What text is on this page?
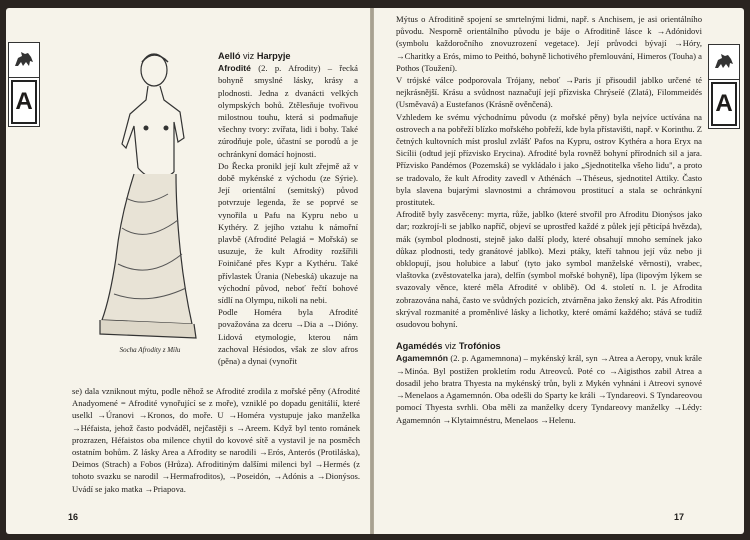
A
Socha Afrodity z Mílu

Aelló viz Harpyje

Afrodité (2. p. Afrodity) – řecká bohyně smyslné lásky, krásy a plodnosti. Jedna z dvanácti velkých olympských bohů. Ztělesňuje tvořivou milostnou touhu, která si podmaňuje všechny tvory: zvířata, lidi i bohy. Také zúrodňuje pole, účastní se porodů a je ochránkyní domácí hojnosti.

Do Řecka pronikl její kult zřejmě až v době mykénské z východu (ze Sýrie). Její orientální (semitský) původ potvrzuje legenda, že se poprvé se vynořila u Pafu na Kypru nebo u Kythéry. Z jejího vztahu k námořní plavbě (Afrodité Pelagiá = Mořská) se usuzuje, že kult Afrodity rozšířili Foiničané přes Kypr a Kythéru. Také přívlastek Úrania (Nebeská) ukazuje na východní původ, neboť řečtí bohové sídlí na Olympu, nikoli na nebi.

Podle Homéra byla Afrodité považována za dceru →Dia a →Dióny. Lidová etymologie, kterou nám zachoval Hésiodos, však ze slov afros (pěna) a dynai (vynořit

se) dala vzniknout mýtu, podle něhož se Afrodité zrodila z mořské pěny (Afrodité Anadyomené = Afrodité vynořující se z moře), vzniklé po dopadu genitálií, které uselkl →Úranovi →Kronos, do moře. U →Homéra vystupuje jako manželka →Héfaista, jehož často podváděl, nejčastěji s →Areem. Když byl tento románek prozrazen, Héfaistos oba milence chytil do kovové sítě a vystavil je na posměch ostatním bohům. Z lásky Area a Afrodity se narodili →Erós, Anterós (Protiláska), Deimos (Strach) a Fobos (Hrůza). Afroditiným dalšími milenci byl →Hermés (z tohoto svazku se narodil →Hermafroditos), →Poseidón, →Adónis a →Dionýsos. Uvádí se jako matka →Priapova.

16

Mýtus o Afroditině spojení se smrtelnými lidmi, např. s Anchisem, je asi orientálního původu. Nesporně orientálního původu je báje o Afroditině lásce k →Adónidovi (symbolu každoročního znovuzrození vegetace). Její průvodci bývají →Hóry, →Charitky a Erós, mimo to Peithó, bohyně lichotivého přemlouvání, Himeros (Touha) a Pothos (Toužení).

V trójské válce podporovala Trójany, neboť →Paris jí přisoudil jablko určené té nejkrásnější. Krásu a svůdnost naznačují její přízviska Chrýseíé (Zlatá), Filommeidés (Usměvavá) a Eustefanos (Krásně ověnčená).

Vzhledem ke svému východnímu původu (z mořské pěny) byla nejvíce uctívána na ostrovech a na pobřeží blízko mořského pobřeží, kde byla přístavišti, např. v Korinthu. Z četných kultovních míst proslul zvlášť Pafos na Kypru, ostrov Kythéra a hora Eryx na Sicílii (odtud její přízvisko Erycina). Afrodité byla rovněž bohyní přírodních sil a jara. Přízvisko Pandémos (Pozemská) se vykládalo i jako „Sjednotitelka všeho lidu", a proto se tradovalo, že kult Afrodity zavedl v Athénách →Théseus, sjednotitel Attiky. Často byla slavena bujarými slavnostmi a chrámovou prostitucí a stala se ochránkyní prostitutek.

Afroditě byly zasvěceny: myrta, růže, jablko (které stvořil pro Afroditu Dionýsos jako dar; rozkrojí-li se jablko napříč, objeví se uprostřed každé z půlek její pěticípá hvězda), mák (symbol plodnosti, stejně jako další plody, které obsahují mnoho semínek jako důkaz plodnosti, tedy granátové jablko). Mezi ptáky, kteří tahnou její vůz nebo ji obklopují, jsou holubice a labuť (tyto jako symbol manželské věrnosti), vrabec, vlaštovka (zvěstovatelka jara), delfín (symbol mořské bohyně), lípa (lipovým lýkem se svazovaly věnce, které měla Afrodité v oblibě). Od 4. století n. l. je Afrodita zobrazována nahá, často ve svůdných pozicích, ztvárněna jako ženský akt. Pás Afroditin skrýval rozmanité a proměnlivé lásky a lichotky, které omámí každého; stává se tudíž osudovou bohyní.

Agamédés viz Trofónios

Agamemnón (2. p. Agamemnona) – mykénský král, syn →Atrea a Aeropy, vnuk krále →Minóa. Byl postižen prokletím rodu Atreovců. Poté co →Aigisthos zabil Atrea a dosadil jeho bratra Thyesta na mykénský trůn, byli z Mykén vyhnáni i Atreovi synové →Menelaos a Agamemnón. Oba odešli do Sparty ke králi →Tyndareovi. S Tyndareovou pomocí Thyesta svrhli. Oba měli za manželky dcery Tyndareovy manželky →Lédy: Agamemnón →Klytaimnéstru, Menelaos →Helenu.

A
17
